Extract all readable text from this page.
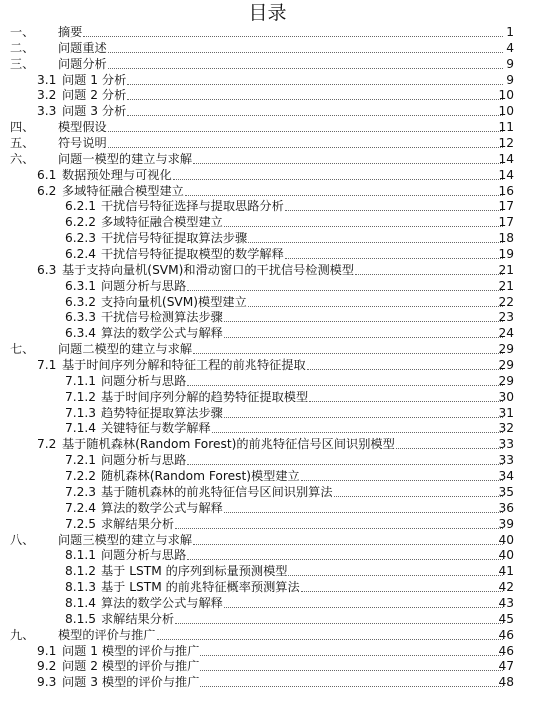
目录
一、 摘要	1
二、 问题重述	4
三、 问题分析	9
3.1 问题 1 分析	9
3.2 问题 2 分析	10
3.3 问题 3 分析	10
四、 模型假设	11
五、 符号说明	12
六、 问题一模型的建立与求解	14
6.1 数据预处理与可视化	14
6.2 多域特征融合模型建立	16
6.2.1 干扰信号特征选择与提取思路分析	17
6.2.2 多域特征融合模型建立	17
6.2.3 干扰信号特征提取算法步骤	18
6.2.4 干扰信号特征提取模型的数学解释	19
6.3 基于支持向量机(SVM)和滑动窗口的干扰信号检测模型	21
6.3.1 问题分析与思路	21
6.3.2 支持向量机(SVM)模型建立	22
6.3.3 干扰信号检测算法步骤	23
6.3.4 算法的数学公式与解释	24
七、 问题二模型的建立与求解	29
7.1 基于时间序列分解和特征工程的前兆特征提取	29
7.1.1 问题分析与思路	29
7.1.2 基于时间序列分解的趋势特征提取模型	30
7.1.3 趋势特征提取算法步骤	31
7.1.4 关键特征与数学解释	32
7.2 基于随机森林(Random Forest)的前兆特征信号区间识别模型	33
7.2.1 问题分析与思路	33
7.2.2 随机森林(Random Forest)模型建立	34
7.2.3 基于随机森林的前兆特征信号区间识别算法	35
7.2.4 算法的数学公式与解释	36
7.2.5 求解结果分析	39
八、 问题三模型的建立与求解	40
8.1.1 问题分析与思路	40
8.1.2 基于 LSTM 的序列到标量预测模型	41
8.1.3 基于 LSTM 的前兆特征概率预测算法	42
8.1.4 算法的数学公式与解释	43
8.1.5 求解结果分析	45
九、 模型的评价与推广	46
9.1 问题 1 模型的评价与推广	46
9.2 问题 2 模型的评价与推广	47
9.3 问题 3 模型的评价与推广	48
